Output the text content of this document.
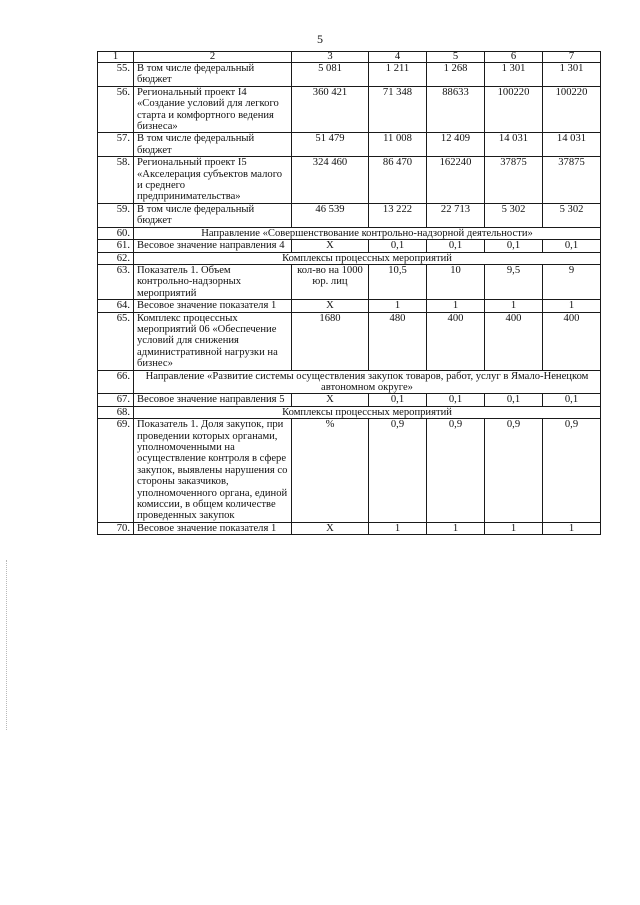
5
1	2	3	4	5	6	7
55.	В том числе федеральный бюджет	5 081	1 211	1 268	1 301	1 301
56.	Региональный проект I4 «Создание условий для легкого старта и комфортного ведения бизнеса»	360 421	71 348	88633	100220	100220
57.	В том числе федеральный бюджет	51 479	11 008	12 409	14 031	14 031
58.	Региональный проект I5 «Акселерация субъектов малого и среднего предпринимательства»	324 460	86 470	162240	37875	37875
59.	В том числе федеральный бюджет	46 539	13 222	22 713	5 302	5 302
60.	Направление «Совершенствование контрольно-надзорной деятельности»					
61.	Весовое значение направления 4	Х	0,1	0,1	0,1	0,1
62.	Комплексы процессных мероприятий					
63.	Показатель 1. Объем контрольно-надзорных мероприятий	кол-во на 1000 юр. лиц	10,5	10	9,5	9
64.	Весовое значение показателя 1	Х	1	1	1	1
65.	Комплекс процессных мероприятий 06 «Обеспечение условий для снижения административной нагрузки на бизнес»	1680	480	400	400	400
66.	Направление «Развитие системы осуществления закупок товаров, работ, услуг в Ямало-Ненецком автономном округе»					
67.	Весовое значение направления 5	Х	0,1	0,1	0,1	0,1
68.	Комплексы процессных мероприятий					
69.	Показатель 1. Доля закупок, при проведении которых органами, уполномоченными на осуществление контроля в сфере закупок, выявлены нарушения со стороны заказчиков, уполномоченного органа, единой комиссии, в общем количестве проведенных закупок	%	0,9	0,9	0,9	0,9
70.	Весовое значение показателя 1	Х	1	1	1	1
